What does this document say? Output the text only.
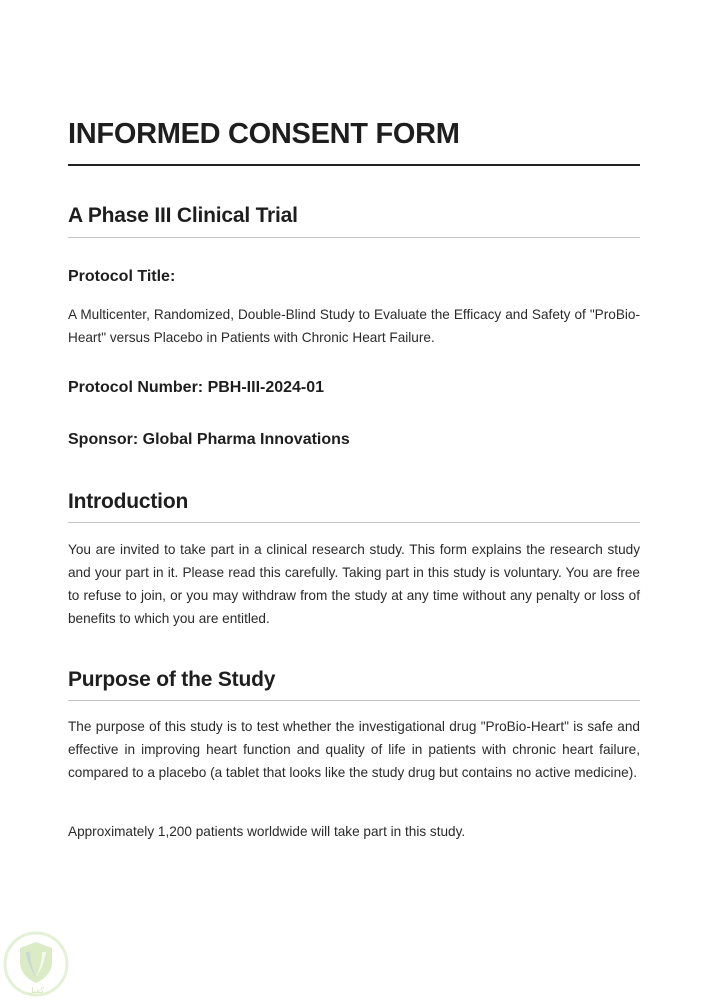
INFORMED CONSENT FORM
A Phase III Clinical Trial
Protocol Title:

A Multicenter, Randomized, Double-Blind Study to Evaluate the Efficacy and Safety of "ProBio-Heart" versus Placebo in Patients with Chronic Heart Failure.

Protocol Number: PBH-III-2024-01
Sponsor: Global Pharma Innovations
Introduction

You are invited to take part in a clinical research study. This form explains the research study and your part in it. Please read this carefully. Taking part in this study is voluntary. You are free to refuse to join, or you may withdraw from the study at any time without any penalty or loss of benefits to which you are entitled.

Purpose of the Study

The purpose of this study is to test whether the investigational drug "ProBio-Heart" is safe and effective in improving heart function and quality of life in patients with chronic heart failure, compared to a placebo (a tablet that looks like the study drug but contains no active medicine).

Approximately 1,200 patients worldwide will take part in this study.

كفيل
